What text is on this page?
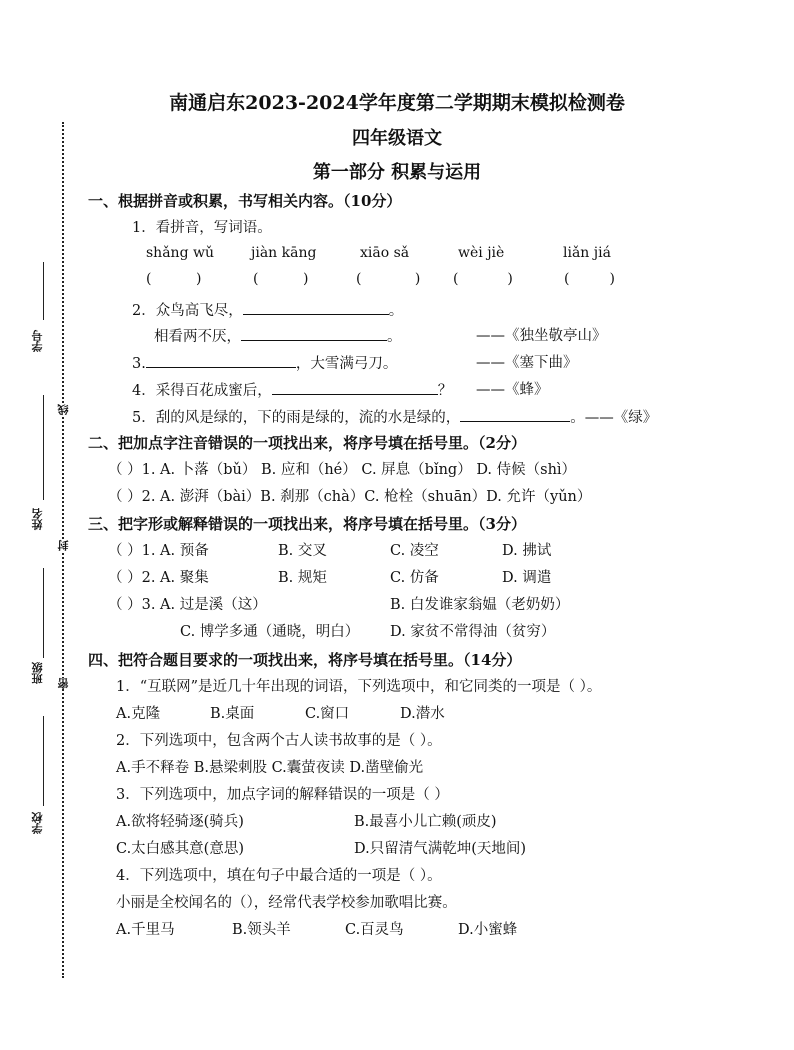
学号
姓名
班级
学校
线
封
密
南通启东2023-2024学年度第二学期期末模拟检测卷
四年级语文
第一部分 积累与运用
一、根据拼音或积累，书写相关内容。（10分）
1．看拼音，写词语。
shǎng wǔ	jiàn kāng	xiāo sǎ	wèi jiè	liǎn jiá
(          )	(          )	(            ) (           )	(         )
2．众鸟高飞尽，	。
相看两不厌，	。	——《独坐敬亭山》
3.	，大雪满弓刀。	——《塞下曲》
4．采得百花成蜜后，	？ ——《蜂》
5．刮的风是绿的，下的雨是绿的，流的水是绿的，	。——《绿》
二、把加点字注音错误的一项找出来，将序号填在括号里。（2分）
（ ）1. A. 卜落（bǔ） B. 应和（hé） C. 屏息（bǐng） D. 侍候（shì）
（ ）2. A. 澎湃（bài）B. 刹那（chà）C. 枪栓（shuān）D. 允许（yǔn）
三、把字形或解释错误的一项找出来，将序号填在括号里。（3分）
（ ）1. A. 预备	B. 交叉	C. 凌空	D. 拂试
（ ）2. A. 聚集	B. 规矩	C. 仿备	D. 调遣
（ ）3. A. 过是溪（这）	B. 白发谁家翁媪（老奶奶）
C. 博学多通（通晓，明白） D. 家贫不常得油（贫穷）
四、把符合题目要求的一项找出来，将序号填在括号里。（14分）
1．“互联网”是近几十年出现的词语，下列选项中，和它同类的一项是（ ）。
A.克隆	B.桌面	C.窗口	D.潜水
2．下列选项中，包含两个古人读书故事的是（ ）。
A.手不释卷 B.悬梁刺股 C.囊萤夜读 D.凿壁偷光
3．下列选项中，加点字词的解释错误的一项是（ ）
A.欲将轻骑逐(骑兵)	B.最喜小儿亡赖(顽皮)
C.太白感其意(意思)	D.只留清气满乾坤(天地间)
4．下列选项中，填在句子中最合适的一项是（ ）。
小丽是全校闻名的（），经常代表学校参加歌唱比赛。
A.千里马	B.领头羊	C.百灵鸟	D.小蜜蜂
